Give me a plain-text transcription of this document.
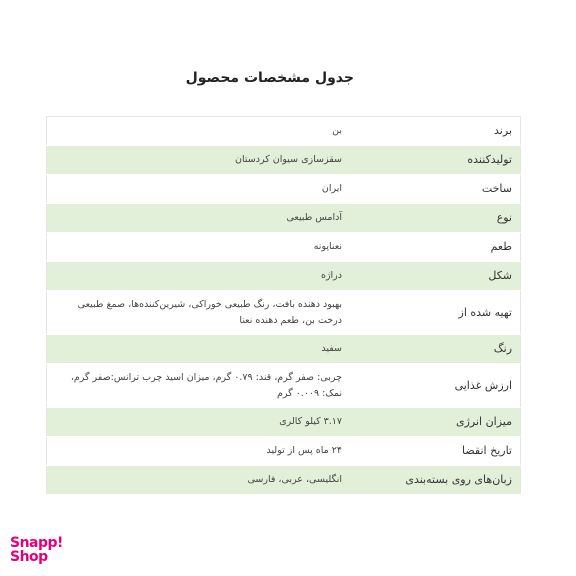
جدول مشخصات محصول
برند	بن
تولیدکننده	سقزسازی سیوان کردستان
ساخت	ایران
نوع	آدامس طبیعی
طعم	نعناپونه
شکل	دراژه
تهیه شده از	بهبود دهنده بافت، رنگ طبیعی خوراکی، شیرین‌کننده‌ها، صمغ طبیعی درخت بن، طعم دهنده نعنا
رنگ	سفید
ارزش غذایی	چربی: صفر گرم، قند: ۰.۷۹ گرم، میزان اسید چرب ترانس:صفر گرم، نمک: ۰.۰۰۹ گرم
میزان انرژی	۳.۱۷ کیلو کالری
تاریخ انقضا	۲۴ ماه پس از تولید
زبان‌های روی بسته‌بندی	انگلیسی، عربی، فارسی
Snapp!
Shop
